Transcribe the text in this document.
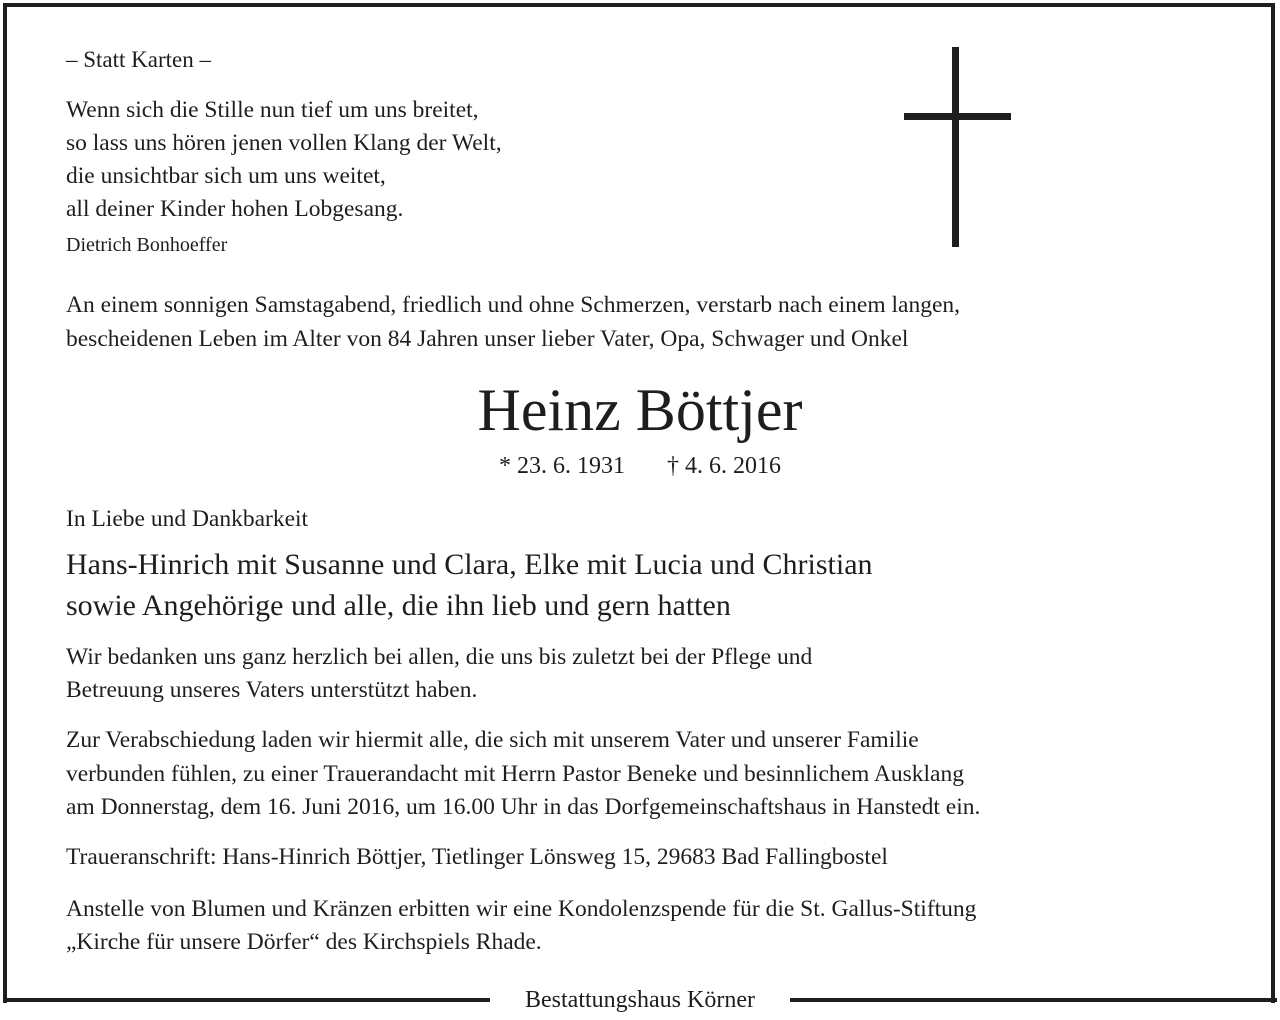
Bestattungshaus Körner
– Statt Karten –
Wenn sich die Stille nun tief um uns breitet,
so lass uns hören jenen vollen Klang der Welt,
die unsichtbar sich um uns weitet,
all deiner Kinder hohen Lobgesang.
Dietrich Bonhoeffer
An einem sonnigen Samstagabend, friedlich und ohne Schmerzen, verstarb nach einem langen,
bescheidenen Leben im Alter von 84 Jahren unser lieber Vater, Opa, Schwager und Onkel
Heinz Böttjer
* 23. 6. 1931 † 4. 6. 2016
In Liebe und Dankbarkeit
Hans-Hinrich mit Susanne und Clara, Elke mit Lucia und Christian
sowie Angehörige und alle, die ihn lieb und gern hatten
Wir bedanken uns ganz herzlich bei allen, die uns bis zuletzt bei der Pflege und
Betreuung unseres Vaters unterstützt haben.
Zur Verabschiedung laden wir hiermit alle, die sich mit unserem Vater und unserer Familie
verbunden fühlen, zu einer Trauerandacht mit Herrn Pastor Beneke und besinnlichem Ausklang
am Donnerstag, dem 16. Juni 2016, um 16.00 Uhr in das Dorfgemeinschaftshaus in Hanstedt ein.
Traueranschrift: Hans-Hinrich Böttjer, Tietlinger Lönsweg 15, 29683 Bad Fallingbostel
Anstelle von Blumen und Kränzen erbitten wir eine Kondolenzspende für die St. Gallus-Stiftung
„Kirche für unsere Dörfer“ des Kirchspiels Rhade.
